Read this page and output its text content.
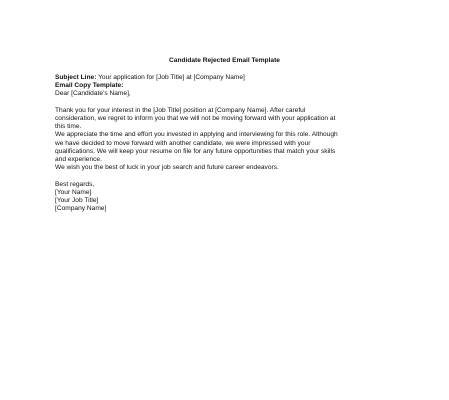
Candidate Rejected Email Template
Subject Line: Your application for [Job Title] at [Company Name]
Email Copy Template:
Dear [Candidate’s Name],
Thank you for your interest in the [Job Title] position at [Company Name]. After careful
consideration, we regret to inform you that we will not be moving forward with your application at
this time.
We appreciate the time and effort you invested in applying and interviewing for this role. Although
we have decided to move forward with another candidate, we were impressed with your
qualifications. We will keep your resume on file for any future opportunities that match your skills
and experience.
We wish you the best of luck in your job search and future career endeavors.
Best regards,
[Your Name]
[Your Job Title]
[Company Name]
